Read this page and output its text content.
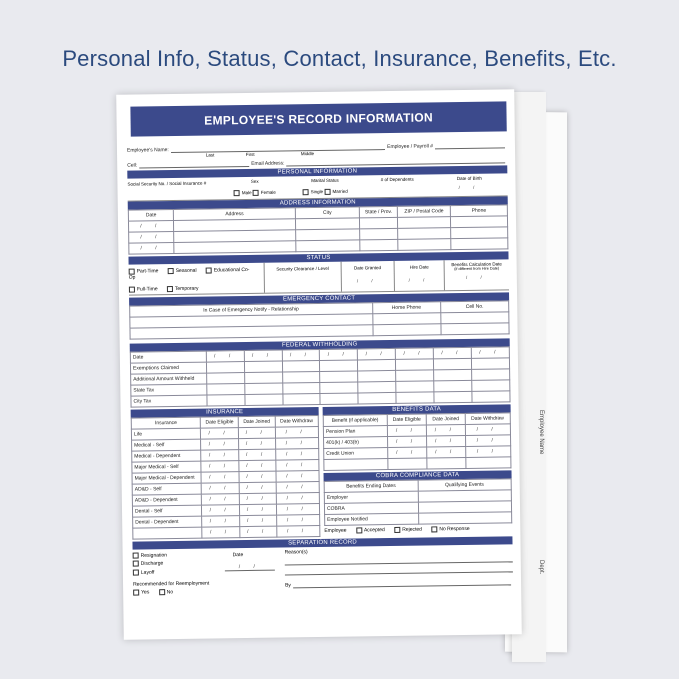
Personal Info, Status, Contact, Insurance, Benefits, Etc.
Employee Name
Dept.
EMPLOYEE'S RECORD INFORMATION
Employee's Name:
Last	First	Middle
Employee / Payroll #
Cell:	Email Address:
PERSONAL INFORMATION
Social Security No. / Social Insurance #	Sex
Male Female
Marital Status
Single Married
# of Dependents	Date of Birth
/ /
ADDRESS INFORMATION
Date	Address	City	State / Prov.	ZIP / Postal Code	Phone
/ /					
/ /					
/ /					
STATUS
Part-Time	Seasonal	Educational Co-Op
Full-Time	Temporary
Security Clearance / Level	Date Granted
/ /
Hire Date
/ /
Benefits Calculation Date
(if different from Hire Date)
/ /
EMERGENCY CONTACT
In Case of Emergency Notify - Relationship	Home Phone	Cell No.

FEDERAL WITHHOLDING
Date	/ /	/ /	/ /	/ /	/ /	/ /	/ /	/ /
Exemptions Claimed								
Additional Amount Withheld								
State Tax								
City Tax								
INSURANCE
Insurance	Date Eligible	Date Joined	Date Withdraw
Life	/ /	/ /	/ /
Medical - Self	/ /	/ /	/ /
Medical - Dependent	/ /	/ /	/ /
Major Medical - Self	/ /	/ /	/ /
Major Medical - Dependent	/ /	/ /	/ /
AD&D - Self	/ /	/ /	/ /
AD&D - Dependent	/ /	/ /	/ /
Dental - Self	/ /	/ /	/ /
Dental - Dependent	/ /	/ /	/ /
	/ /	/ /	/ /
BENEFITS DATA
Benefit (if applicable)	Date Eligible	Date Joined	Date Withdraw
Pension Plan	/ /	/ /	/ /
401(k) / 403(b)	/ /	/ /	/ /
Credit Union	/ /	/ /	/ /

COBRA COMPLIANCE DATA
Benefits Ending Dates	Qualifying Events
Employer	
COBRA	
Employee Notified	
Employee	Accepted	Rejected	No Response
SEPARATION RECORD
Resignation
Discharge
Layoff
Date
/ /
Recommended for Reemployment
Yes	No
Reason(s)
By
